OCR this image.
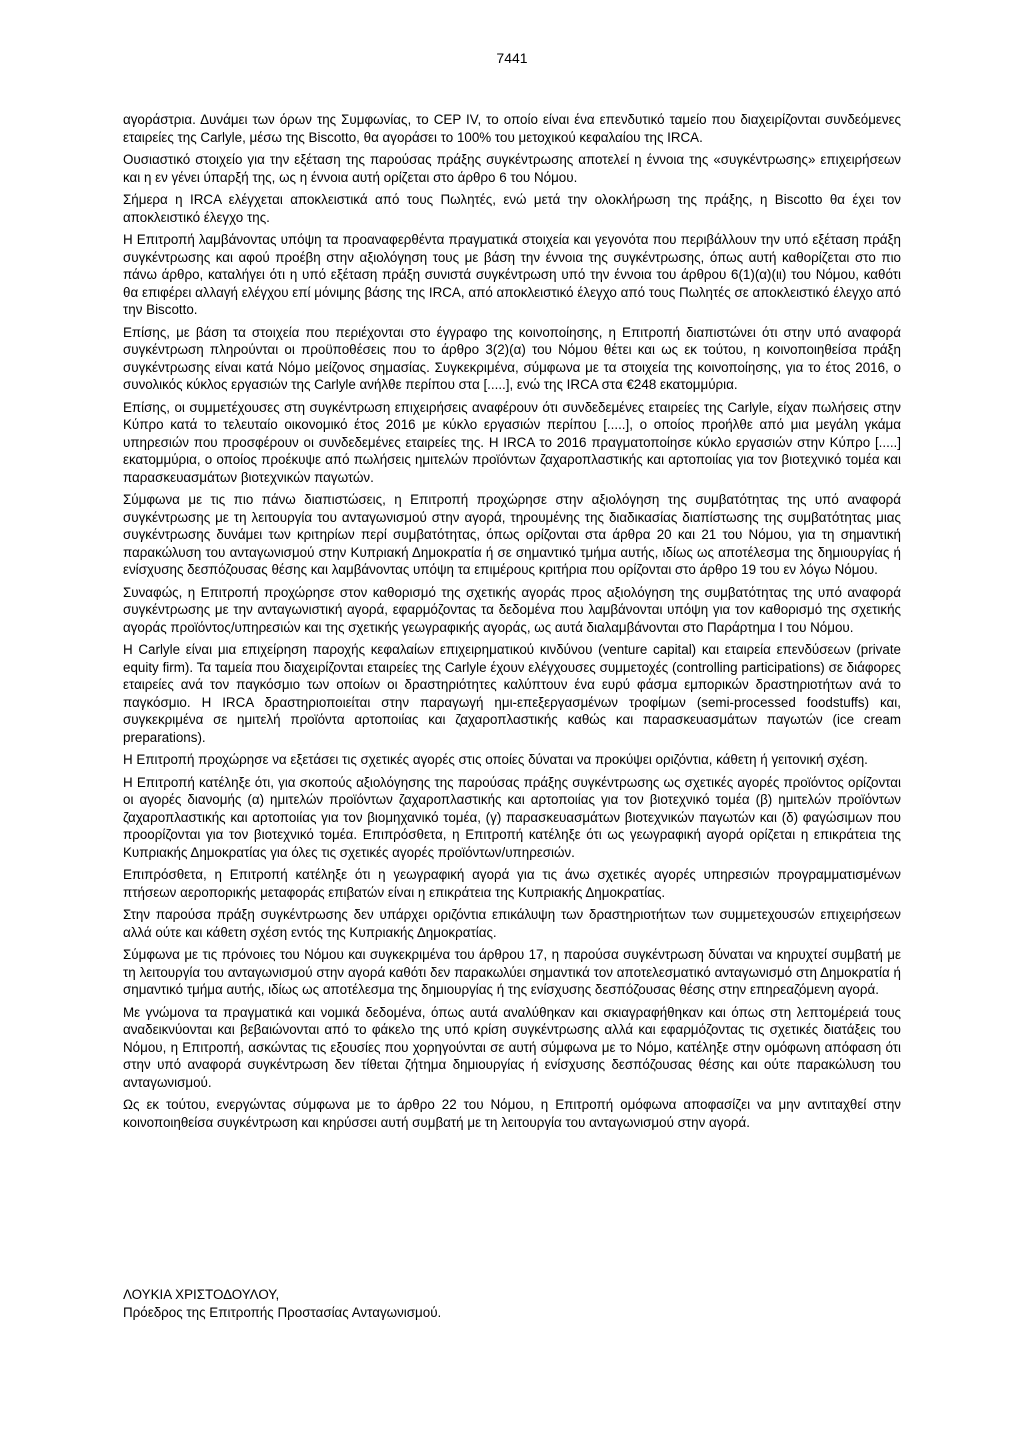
7441

αγοράστρια. Δυνάμει των όρων της Συμφωνίας, το CEP IV, το οποίο είναι ένα επενδυτικό ταμείο που διαχειρίζονται συνδεόμενες εταιρείες της Carlyle, μέσω της Biscotto, θα αγοράσει το 100% του μετοχικού κεφαλαίου της IRCA.

Ουσιαστικό στοιχείο για την εξέταση της παρούσας πράξης συγκέντρωσης αποτελεί η έννοια της «συγκέντρωσης» επιχειρήσεων και η εν γένει ύπαρξή της, ως η έννοια αυτή ορίζεται στο άρθρο 6 του Νόμου.

Σήμερα η IRCA ελέγχεται αποκλειστικά από τους Πωλητές, ενώ μετά την ολοκλήρωση της πράξης, η Biscotto θα έχει τον αποκλειστικό έλεγχο της.

Η Επιτροπή λαμβάνοντας υπόψη τα προαναφερθέντα πραγματικά στοιχεία και γεγονότα που περιβάλλουν την υπό εξέταση πράξη συγκέντρωσης και αφού προέβη στην αξιολόγηση τους με βάση την έννοια της συγκέντρωσης, όπως αυτή καθορίζεται στο πιο πάνω άρθρο, καταλήγει ότι η υπό εξέταση πράξη συνιστά συγκέντρωση υπό την έννοια του άρθρου 6(1)(α)(ιι) του Νόμου, καθότι θα επιφέρει αλλαγή ελέγχου επί μόνιμης βάσης της IRCA, από αποκλειστικό έλεγχο από τους Πωλητές σε αποκλειστικό έλεγχο από την Biscotto.

Επίσης, με βάση τα στοιχεία που περιέχονται στο έγγραφο της κοινοποίησης, η Επιτροπή διαπιστώνει ότι στην υπό αναφορά συγκέντρωση πληρούνται οι προϋποθέσεις που το άρθρο 3(2)(α) του Νόμου θέτει και ως εκ τούτου, η κοινοποιηθείσα πράξη συγκέντρωσης είναι κατά Νόμο μείζονος σημασίας. Συγκεκριμένα, σύμφωνα με τα στοιχεία της κοινοποίησης, για το έτος 2016, ο συνολικός κύκλος εργασιών της Carlyle ανήλθε περίπου στα [.....], ενώ της IRCA στα €248 εκατομμύρια.

Επίσης, οι συμμετέχουσες στη συγκέντρωση επιχειρήσεις αναφέρουν ότι συνδεδεμένες εταιρείες της Carlyle, είχαν πωλήσεις στην Κύπρο κατά το τελευταίο οικονομικό έτος 2016 με κύκλο εργασιών περίπου [.....], ο οποίος προήλθε από μια μεγάλη γκάμα υπηρεσιών που προσφέρουν οι συνδεδεμένες εταιρείες της. Η IRCA το 2016 πραγματοποίησε κύκλο εργασιών στην Κύπρο [.....] εκατομμύρια, ο οποίος προέκυψε από πωλήσεις ημιτελών προϊόντων ζαχαροπλαστικής και αρτοποιίας για τον βιοτεχνικό τομέα και παρασκευασμάτων βιοτεχνικών παγωτών.

Σύμφωνα με τις πιο πάνω διαπιστώσεις, η Επιτροπή προχώρησε στην αξιολόγηση της συμβατότητας της υπό αναφορά συγκέντρωσης με τη λειτουργία του ανταγωνισμού στην αγορά, τηρουμένης της διαδικασίας διαπίστωσης της συμβατότητας μιας συγκέντρωσης δυνάμει των κριτηρίων περί συμβατότητας, όπως ορίζονται στα άρθρα 20 και 21 του Νόμου, για τη σημαντική παρακώλυση του ανταγωνισμού στην Κυπριακή Δημοκρατία ή σε σημαντικό τμήμα αυτής, ιδίως ως αποτέλεσμα της δημιουργίας ή ενίσχυσης δεσπόζουσας θέσης και λαμβάνοντας υπόψη τα επιμέρους κριτήρια που ορίζονται στο άρθρο 19 του εν λόγω Νόμου.

Συναφώς, η Επιτροπή προχώρησε στον καθορισμό της σχετικής αγοράς προς αξιολόγηση της συμβατότητας της υπό αναφορά συγκέντρωσης με την ανταγωνιστική αγορά, εφαρμόζοντας τα δεδομένα που λαμβάνονται υπόψη για τον καθορισμό της σχετικής αγοράς προϊόντος/υπηρεσιών και της σχετικής γεωγραφικής αγοράς, ως αυτά διαλαμβάνονται στο Παράρτημα Ι του Νόμου.

Η Carlyle είναι μια επιχείρηση παροχής κεφαλαίων επιχειρηματικού κινδύνου (venture capital) και εταιρεία επενδύσεων (private equity firm). Τα ταμεία που διαχειρίζονται εταιρείες της Carlyle έχουν ελέγχουσες συμμετοχές (controlling participations) σε διάφορες εταιρείες ανά τον παγκόσμιο των οποίων οι δραστηριότητες καλύπτουν ένα ευρύ φάσμα εμπορικών δραστηριοτήτων ανά το παγκόσμιο. Η IRCA δραστηριοποιείται στην παραγωγή ημι-επεξεργασμένων τροφίμων (semi-processed foodstuffs) και, συγκεκριμένα σε ημιτελή προϊόντα αρτοποιίας και ζαχαροπλαστικής καθώς και παρασκευασμάτων παγωτών (ice cream preparations).

Η Επιτροπή προχώρησε να εξετάσει τις σχετικές αγορές στις οποίες δύναται να προκύψει οριζόντια, κάθετη ή γειτονική σχέση.

Η Επιτροπή κατέληξε ότι, για σκοπούς αξιολόγησης της παρούσας πράξης συγκέντρωσης ως σχετικές αγορές προϊόντος ορίζονται οι αγορές διανομής (α) ημιτελών προϊόντων ζαχαροπλαστικής και αρτοποιίας για τον βιοτεχνικό τομέα (β) ημιτελών προϊόντων ζαχαροπλαστικής και αρτοποιίας για τον βιομηχανικό τομέα, (γ) παρασκευασμάτων βιοτεχνικών παγωτών και (δ) φαγώσιμων που προορίζονται για τον βιοτεχνικό τομέα. Επιπρόσθετα, η Επιτροπή κατέληξε ότι ως γεωγραφική αγορά ορίζεται η επικράτεια της Κυπριακής Δημοκρατίας για όλες τις σχετικές αγορές προϊόντων/υπηρεσιών.

Επιπρόσθετα, η Επιτροπή κατέληξε ότι η γεωγραφική αγορά για τις άνω σχετικές αγορές υπηρεσιών προγραμματισμένων πτήσεων αεροπορικής μεταφοράς επιβατών είναι η επικράτεια της Κυπριακής Δημοκρατίας.

Στην παρούσα πράξη συγκέντρωσης δεν υπάρχει οριζόντια επικάλυψη των δραστηριοτήτων των συμμετεχουσών επιχειρήσεων αλλά ούτε και κάθετη σχέση εντός της Κυπριακής Δημοκρατίας.

Σύμφωνα με τις πρόνοιες του Νόμου και συγκεκριμένα του άρθρου 17, η παρούσα συγκέντρωση δύναται να κηρυχτεί συμβατή με τη λειτουργία του ανταγωνισμού στην αγορά καθότι δεν παρακωλύει σημαντικά τον αποτελεσματικό ανταγωνισμό στη Δημοκρατία ή σημαντικό τμήμα αυτής, ιδίως ως αποτέλεσμα της δημιουργίας ή της ενίσχυσης δεσπόζουσας θέσης στην επηρεαζόμενη αγορά.

Με γνώμονα τα πραγματικά και νομικά δεδομένα, όπως αυτά αναλύθηκαν και σκιαγραφήθηκαν και όπως στη λεπτομέρειά τους αναδεικνύονται και βεβαιώνονται από το φάκελο της υπό κρίση συγκέντρωσης αλλά και εφαρμόζοντας τις σχετικές διατάξεις του Νόμου, η Επιτροπή, ασκώντας τις εξουσίες που χορηγούνται σε αυτή σύμφωνα με το Νόμο, κατέληξε στην ομόφωνη απόφαση ότι στην υπό αναφορά συγκέντρωση δεν τίθεται ζήτημα δημιουργίας ή ενίσχυσης δεσπόζουσας θέσης και ούτε παρακώλυση του ανταγωνισμού.

Ως εκ τούτου, ενεργώντας σύμφωνα με το άρθρο 22 του Νόμου, η Επιτροπή ομόφωνα αποφασίζει να μην αντιταχθεί στην κοινοποιηθείσα συγκέντρωση και κηρύσσει αυτή συμβατή με τη λειτουργία του ανταγωνισμού στην αγορά.

ΛΟΥΚΙΑ ΧΡΙΣΤΟΔΟΥΛΟΥ,
Πρόεδρος της Επιτροπής Προστασίας Ανταγωνισμού.
